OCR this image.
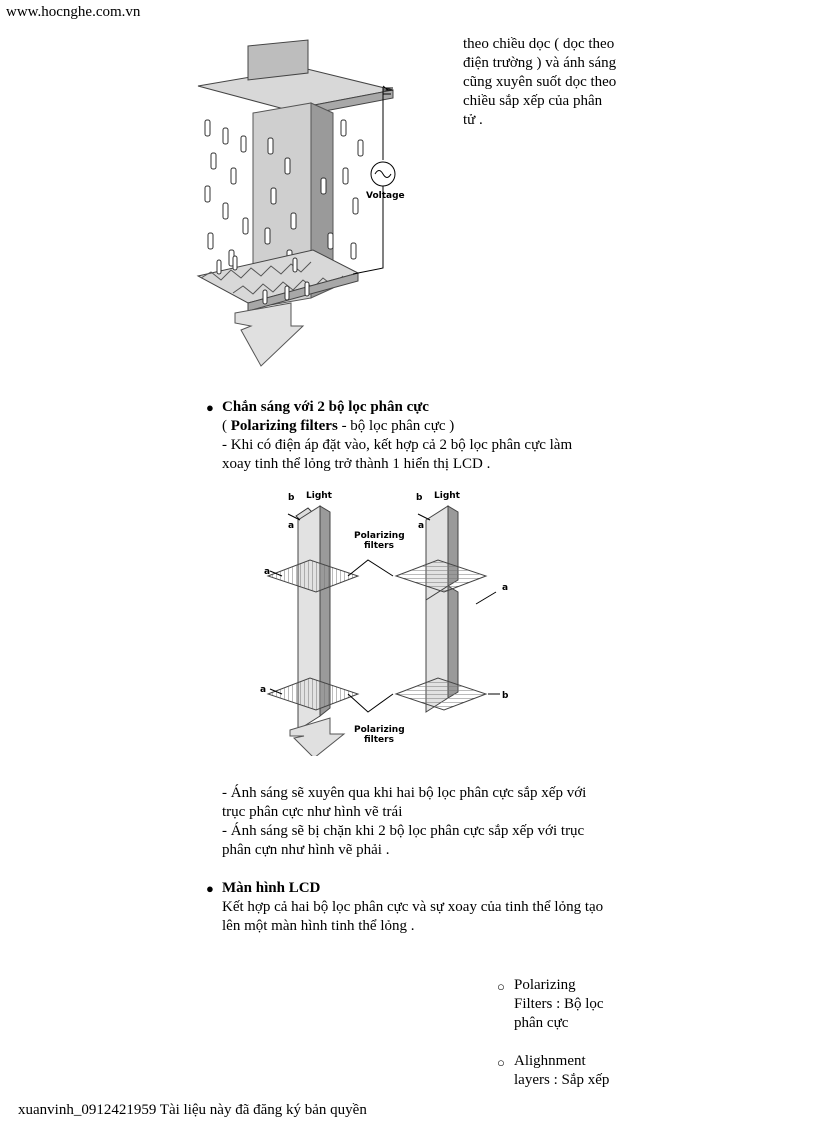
www.hocnghe.com.vn
Voltage
theo chiều dọc ( dọc theo
điện trường ) và ánh sáng
cũng xuyên suốt dọc theo
chiều sắp xếp của phân
tử .
● Chắn sáng với 2 bộ lọc phân cực
( Polarizing filters - bộ lọc phân cực )
- Khi có điện áp đặt vào, kết hợp cả 2 bộ lọc phân cực làm
xoay tinh thể lỏng trở thành 1 hiển thị LCD .
b Light
a
b Light
a
a
a
a
b
Polarizing
filters
Polarizing
filters
- Ánh sáng sẽ xuyên qua khi hai bộ lọc phân cực sắp xếp với
trục phân cực như hình vẽ trái
- Ánh sáng sẽ bị chặn khi 2 bộ lọc phân cực sắp xếp với trục
phân cựn như hình vẽ phải .
● Màn hình LCD
Kết hợp cả hai bộ lọc phân cực và sự xoay của tinh thể lỏng tạo
lên một màn hình tinh thể lỏng .
○ Polarizing
Filters : Bộ lọc
phân cực
○ Alighnment
layers : Sắp xếp
xuanvinh_0912421959 Tài liệu này đã đăng ký bản quyền
